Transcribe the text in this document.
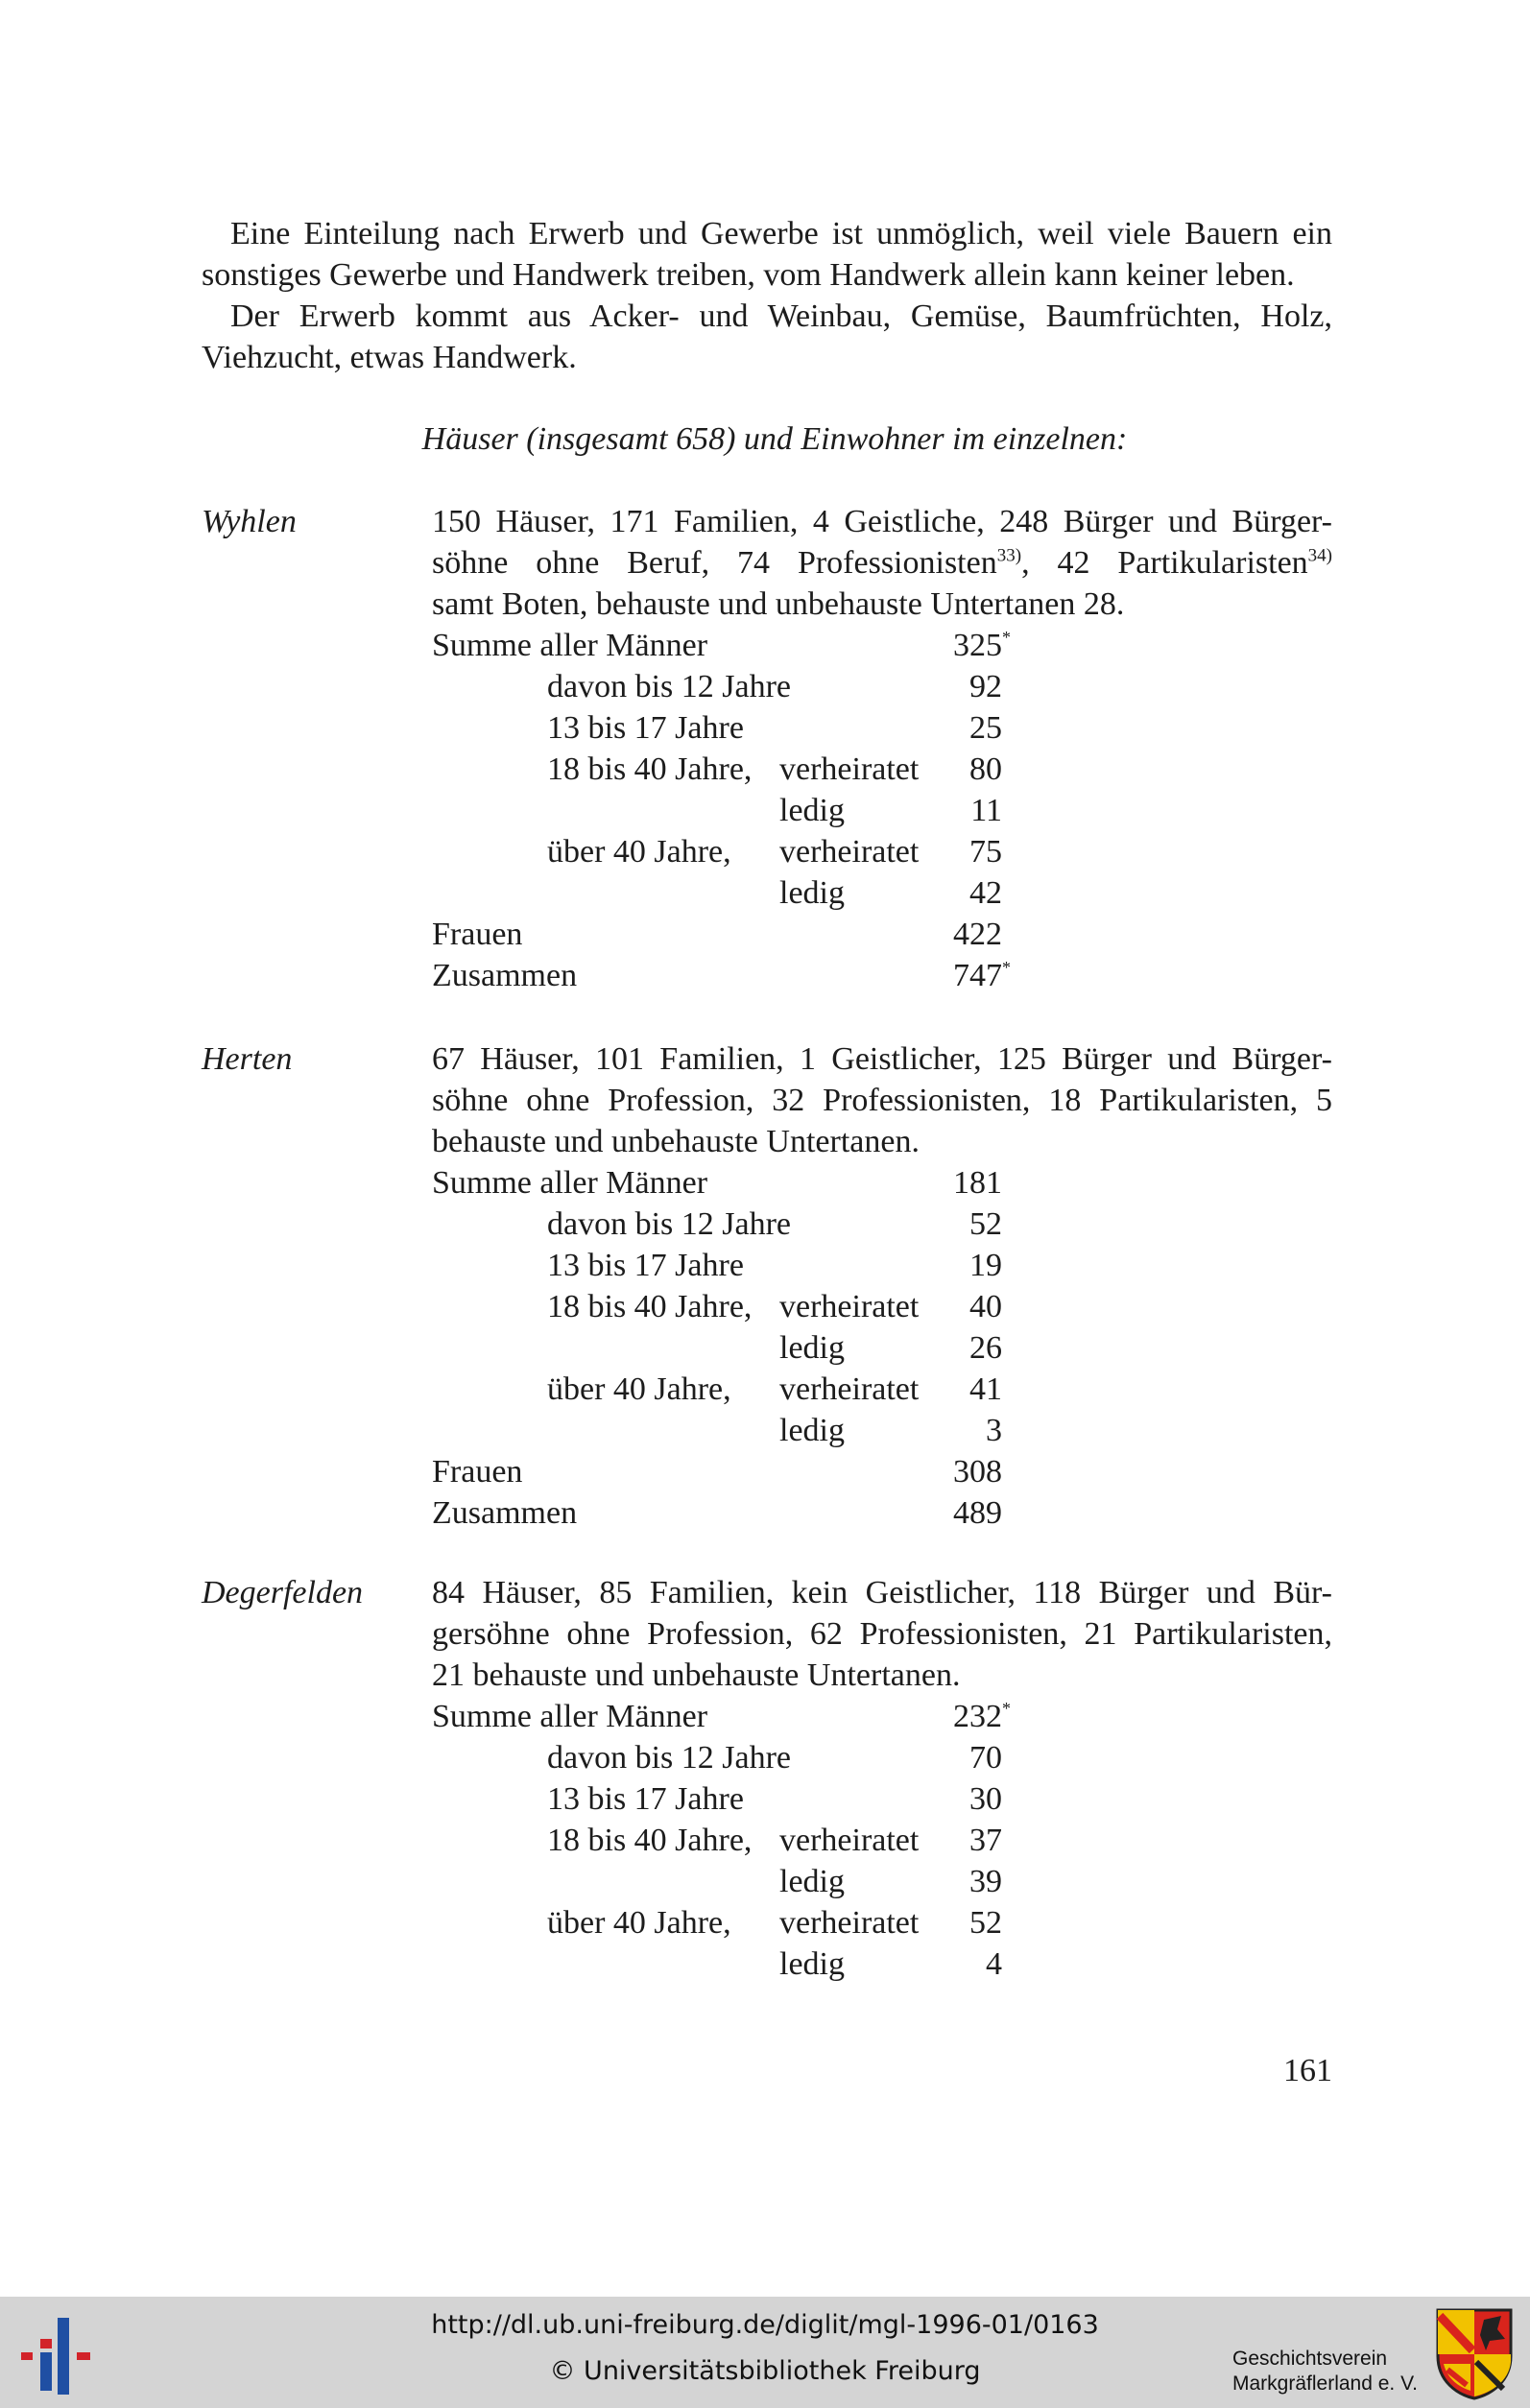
Eine Einteilung nach Erwerb und Gewerbe ist unmöglich, weil viele Bauern ein
sonstiges Gewerbe und Handwerk treiben, vom Handwerk allein kann keiner leben.
Der Erwerb kommt aus Acker- und Weinbau, Gemüse, Baumfrüchten, Holz,
Viehzucht, etwas Handwerk.
Häuser (insgesamt 658) und Einwohner im einzelnen:
Wyhlen	150 Häuser, 171 Familien, 4 Geistliche, 248 Bürger und Bürger-
söhne ohne Beruf, 74 Professionisten$^{33)}$, 42 Partikularisten$^{34)}$
samt Boten, behauste und unbehauste Untertanen 28.
Summe aller Männer	325 *
davon bis 12 Jahre	92
13 bis 17 Jahre	25
18 bis 40 Jahre, verheiratet 80
ledig	11
über 40 Jahre, verheiratet 75
ledig	42
Frauen	422
Zusammen	747 *
Herten	67 Häuser, 101 Familien, 1 Geistlicher, 125 Bürger und Bürger-
söhne ohne Profession, 32 Professionisten, 18 Partikularisten, 5
behauste und unbehauste Untertanen.
Summe aller Männer	181
davon bis 12 Jahre	52
13 bis 17 Jahre	19
18 bis 40 Jahre, verheiratet 40
ledig	26
über 40 Jahre, verheiratet 41
ledig	3
Frauen	308
Zusammen	489
Degerfelden 84 Häuser, 85 Familien, kein Geistlicher, 118 Bürger und Bür-
gersöhne ohne Profession, 62 Professionisten, 21 Partikularisten,
21 behauste und unbehauste Untertanen.
Summe aller Männer	232 *
davon bis 12 Jahre	70
13 bis 17 Jahre	30
18 bis 40 Jahre, verheiratet 37
ledig	39
über 40 Jahre, verheiratet 52
ledig	4
161
http://dl.ub.uni-freiburg.de/diglit/mgl-1996-01/0163
© Universitätsbibliothek Freiburg	Geschichtsverein
Markgräflerland e. V.
